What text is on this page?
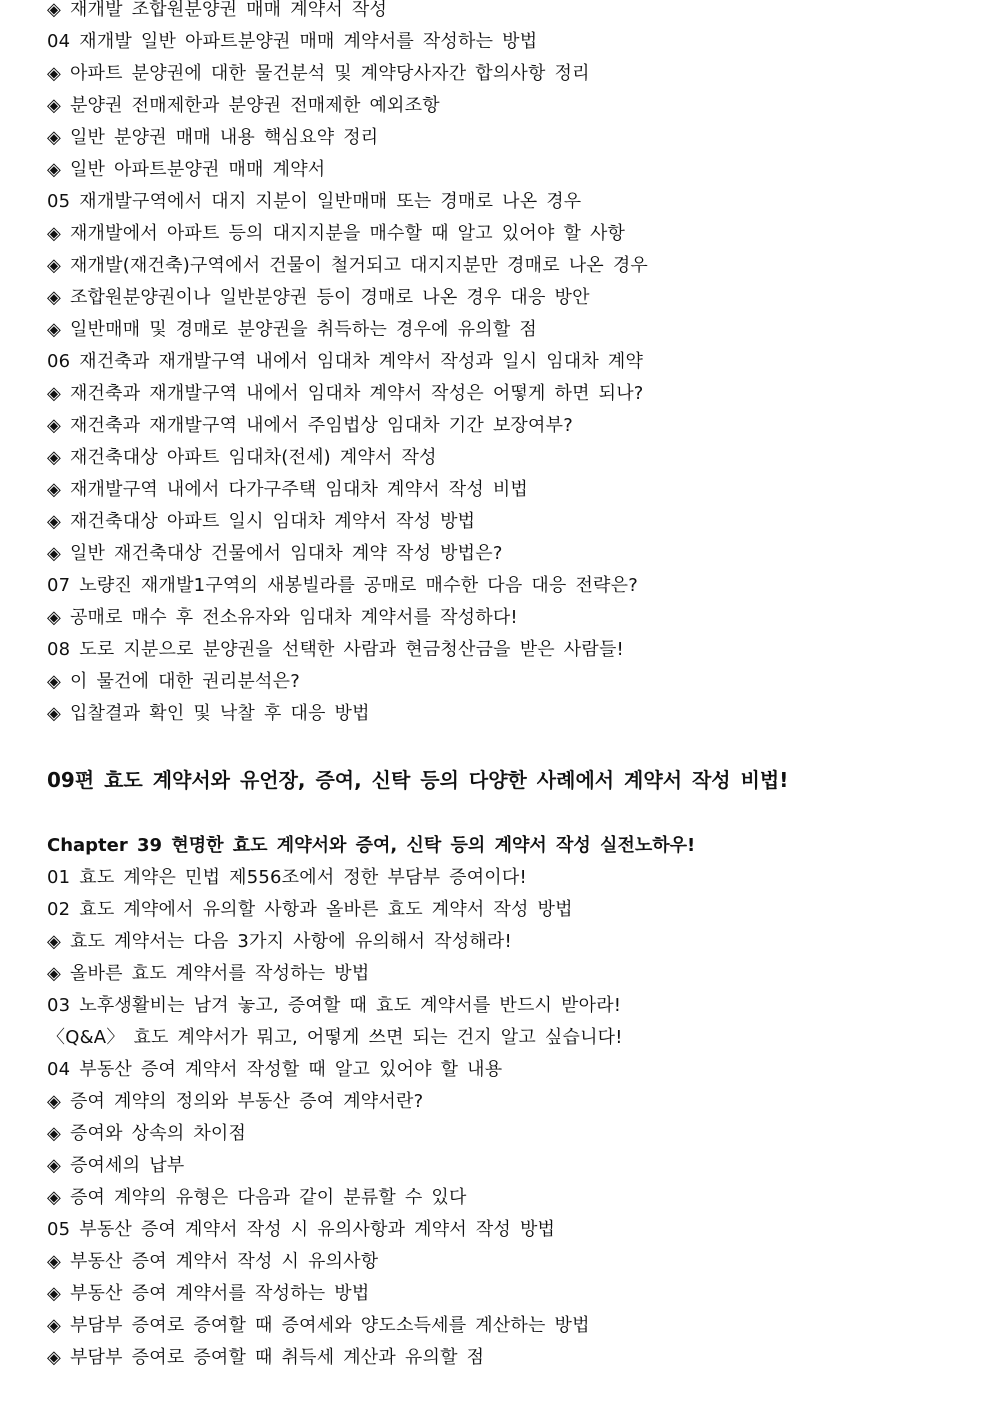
◈ 재개발 조합원분양권 매매 계약서 작성
04 재개발 일반 아파트분양권 매매 계약서를 작성하는 방법
◈ 아파트 분양권에 대한 물건분석 및 계약당사자간 합의사항 정리
◈ 분양권 전매제한과 분양권 전매제한 예외조항
◈ 일반 분양권 매매 내용 핵심요약 정리
◈ 일반 아파트분양권 매매 계약서
05 재개발구역에서 대지 지분이 일반매매 또는 경매로 나온 경우
◈ 재개발에서 아파트 등의 대지지분을 매수할 때 알고 있어야 할 사항
◈ 재개발(재건축)구역에서 건물이 철거되고 대지지분만 경매로 나온 경우
◈ 조합원분양권이나 일반분양권 등이 경매로 나온 경우 대응 방안
◈ 일반매매 및 경매로 분양권을 취득하는 경우에 유의할 점
06 재건축과 재개발구역 내에서 임대차 계약서 작성과 일시 임대차 계약
◈ 재건축과 재개발구역 내에서 임대차 계약서 작성은 어떻게 하면 되나?
◈ 재건축과 재개발구역 내에서 주임법상 임대차 기간 보장여부?
◈ 재건축대상 아파트 임대차(전세) 계약서 작성
◈ 재개발구역 내에서 다가구주택 임대차 계약서 작성 비법
◈ 재건축대상 아파트 일시 임대차 계약서 작성 방법
◈ 일반 재건축대상 건물에서 임대차 계약 작성 방법은?
07 노량진 재개발1구역의 새봉빌라를 공매로 매수한 다음 대응 전략은?
◈ 공매로 매수 후 전소유자와 임대차 계약서를 작성하다!
08 도로 지분으로 분양권을 선택한 사람과 현금청산금을 받은 사람들!
◈ 이 물건에 대한 권리분석은?
◈ 입찰결과 확인 및 낙찰 후 대응 방법
09편 효도 계약서와 유언장, 증여, 신탁 등의 다양한 사례에서 계약서 작성 비법!
Chapter 39 현명한 효도 계약서와 증여, 신탁 등의 계약서 작성 실전노하우!
01 효도 계약은 민법 제556조에서 정한 부담부 증여이다!
02 효도 계약에서 유의할 사항과 올바른 효도 계약서 작성 방법
◈ 효도 계약서는 다음 3가지 사항에 유의해서 작성해라!
◈ 올바른 효도 계약서를 작성하는 방법
03 노후생활비는 남겨 놓고, 증여할 때 효도 계약서를 반드시 받아라!
〈Q&A〉 효도 계약서가 뭐고, 어떻게 쓰면 되는 건지 알고 싶습니다!
04 부동산 증여 계약서 작성할 때 알고 있어야 할 내용
◈ 증여 계약의 정의와 부동산 증여 계약서란?
◈ 증여와 상속의 차이점
◈ 증여세의 납부
◈ 증여 계약의 유형은 다음과 같이 분류할 수 있다
05 부동산 증여 계약서 작성 시 유의사항과 계약서 작성 방법
◈ 부동산 증여 계약서 작성 시 유의사항
◈ 부동산 증여 계약서를 작성하는 방법
◈ 부담부 증여로 증여할 때 증여세와 양도소득세를 계산하는 방법
◈ 부담부 증여로 증여할 때 취득세 계산과 유의할 점
